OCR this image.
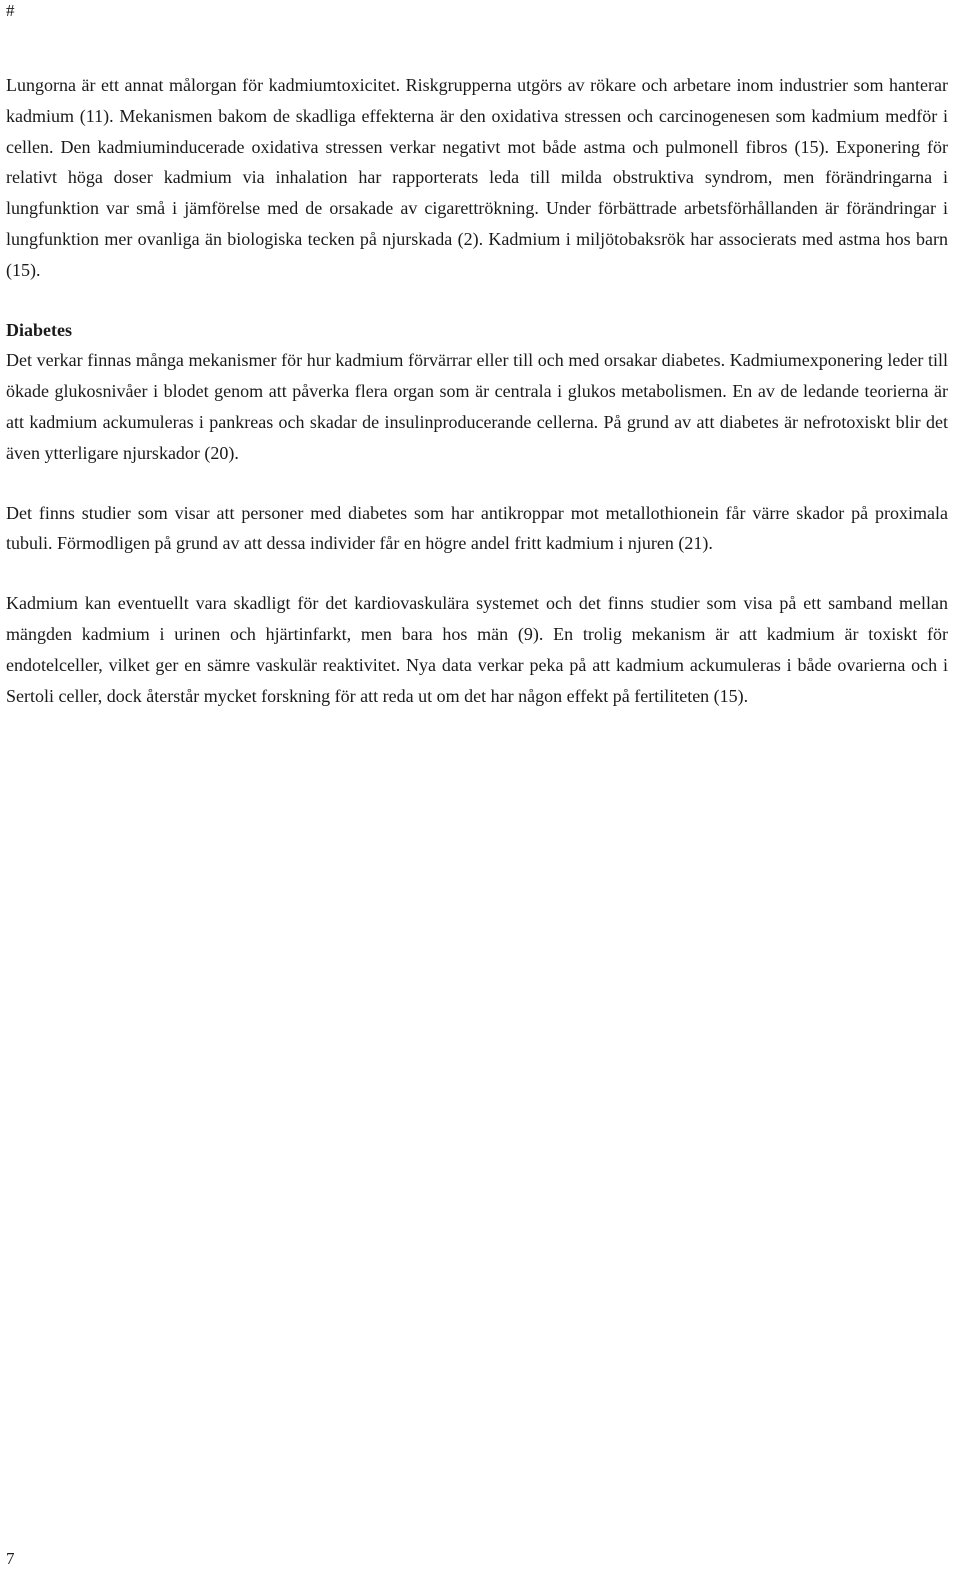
#

Lungorna är ett annat målorgan för kadmiumtoxicitet. Riskgrupperna utgörs av rökare och arbetare inom industrier som hanterar kadmium (11). Mekanismen bakom de skadliga effekterna är den oxidativa stressen och carcinogenesen som kadmium medför i cellen. Den kadmiuminducerade oxidativa stressen verkar negativt mot både astma och pulmonell fibros (15). Exponering för relativt höga doser kadmium via inhalation har rapporterats leda till milda obstruktiva syndrom, men förändringarna i lungfunktion var små i jämförelse med de orsakade av cigarettrökning. Under förbättrade arbetsförhållanden är förändringar i lungfunktion mer ovanliga än biologiska tecken på njurskada (2). Kadmium i miljötobaksrök har associerats med astma hos barn (15).

Diabetes

Det verkar finnas många mekanismer för hur kadmium förvärrar eller till och med orsakar diabetes. Kadmiumexponering leder till ökade glukosnivåer i blodet genom att påverka flera organ som är centrala i glukos metabolismen. En av de ledande teorierna är att kadmium ackumuleras i pankreas och skadar de insulinproducerande cellerna. På grund av att diabetes är nefrotoxiskt blir det även ytterligare njurskador (20).

Det finns studier som visar att personer med diabetes som har antikroppar mot metallothionein får värre skador på proximala tubuli. Förmodligen på grund av att dessa individer får en högre andel fritt kadmium i njuren (21).

Kadmium kan eventuellt vara skadligt för det kardiovaskulära systemet och det finns studier som visa på ett samband mellan mängden kadmium i urinen och hjärtinfarkt, men bara hos män (9). En trolig mekanism är att kadmium är toxiskt för endotelceller, vilket ger en sämre vaskulär reaktivitet. Nya data verkar peka på att kadmium ackumuleras i både ovarierna och i Sertoli celler, dock återstår mycket forskning för att reda ut om det har någon effekt på fertiliteten (15).

7
